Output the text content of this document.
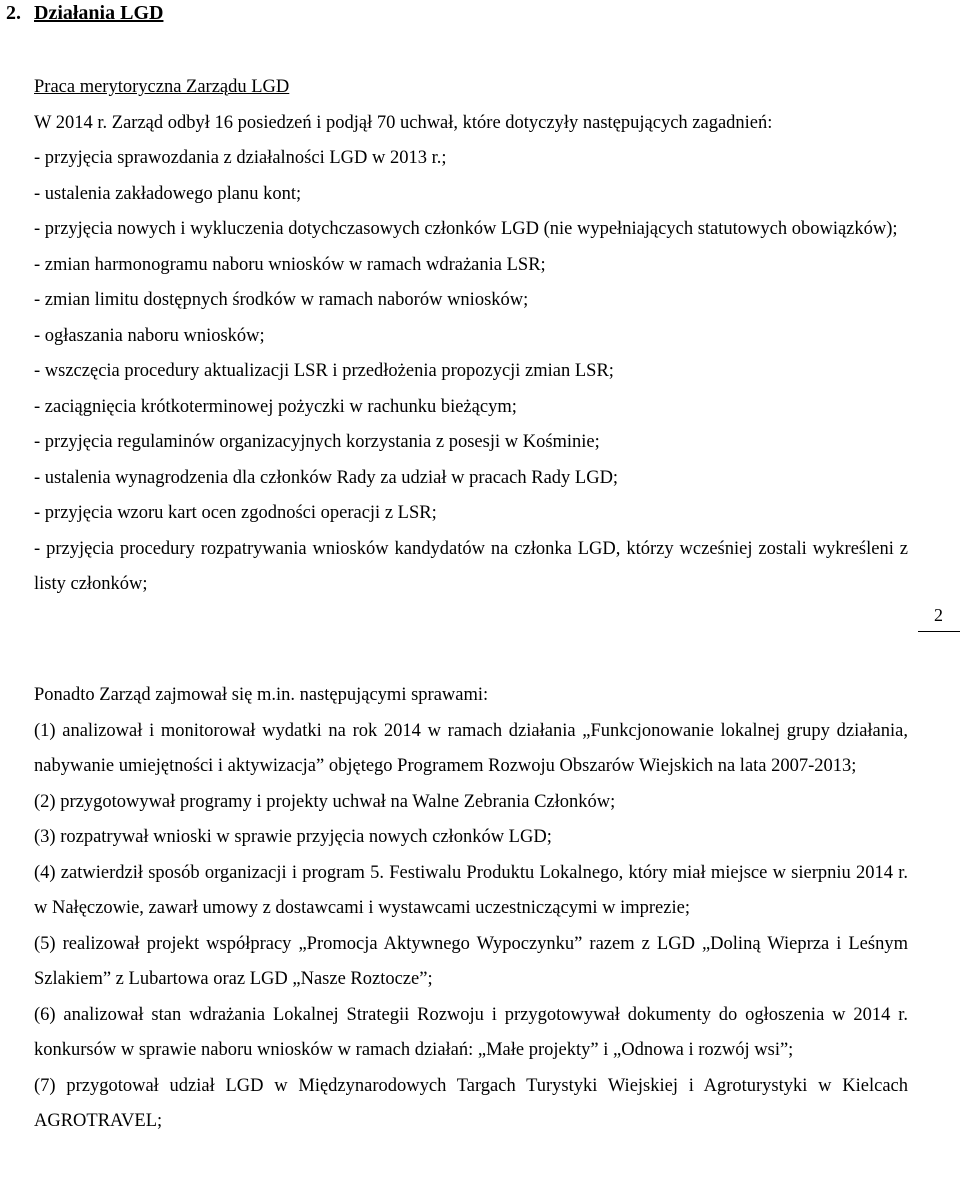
2. Działania LGD

Praca merytoryczna Zarządu LGD

W 2014 r. Zarząd odbył 16 posiedzeń i podjął 70 uchwał, które dotyczyły następujących zagadnień:

- przyjęcia sprawozdania z działalności LGD w 2013 r.;

- ustalenia zakładowego planu kont;

- przyjęcia nowych i wykluczenia dotychczasowych członków LGD (nie wypełniających statutowych obowiązków);

- zmian harmonogramu naboru wniosków w ramach wdrażania LSR;

- zmian limitu dostępnych środków w ramach naborów wniosków;

- ogłaszania naboru wniosków;

- wszczęcia procedury aktualizacji LSR i przedłożenia propozycji zmian LSR;

- zaciągnięcia krótkoterminowej pożyczki w rachunku bieżącym;

- przyjęcia regulaminów organizacyjnych korzystania z posesji w Kośminie;

- ustalenia wynagrodzenia dla członków Rady za udział w pracach Rady LGD;

- przyjęcia wzoru kart ocen zgodności operacji z LSR;

- przyjęcia procedury rozpatrywania wniosków kandydatów na członka LGD, którzy wcześniej zostali wykreśleni z listy członków;

2

Ponadto Zarząd zajmował się m.in. następującymi sprawami:

(1) analizował i monitorował wydatki na rok 2014 w ramach działania „Funkcjonowanie lokalnej grupy działania, nabywanie umiejętności i aktywizacja” objętego Programem Rozwoju Obszarów Wiejskich na lata 2007-2013;

(2) przygotowywał programy i projekty uchwał na Walne Zebrania Członków;

(3) rozpatrywał wnioski w sprawie przyjęcia nowych członków LGD;

(4) zatwierdził sposób organizacji i program 5. Festiwalu Produktu Lokalnego, który miał miejsce w sierpniu 2014 r. w Nałęczowie, zawarł umowy z dostawcami i wystawcami uczestniczącymi w imprezie;

(5) realizował projekt współpracy „Promocja Aktywnego Wypoczynku” razem z LGD „Doliną Wieprza i Leśnym Szlakiem” z Lubartowa oraz LGD „Nasze Roztocze”;

(6) analizował stan wdrażania Lokalnej Strategii Rozwoju i przygotowywał dokumenty do ogłoszenia w 2014 r. konkursów w sprawie naboru wniosków w ramach działań: „Małe projekty” i „Odnowa i rozwój wsi”;

(7) przygotował udział LGD w Międzynarodowych Targach Turystyki Wiejskiej i Agroturystyki w Kielcach AGROTRAVEL;
